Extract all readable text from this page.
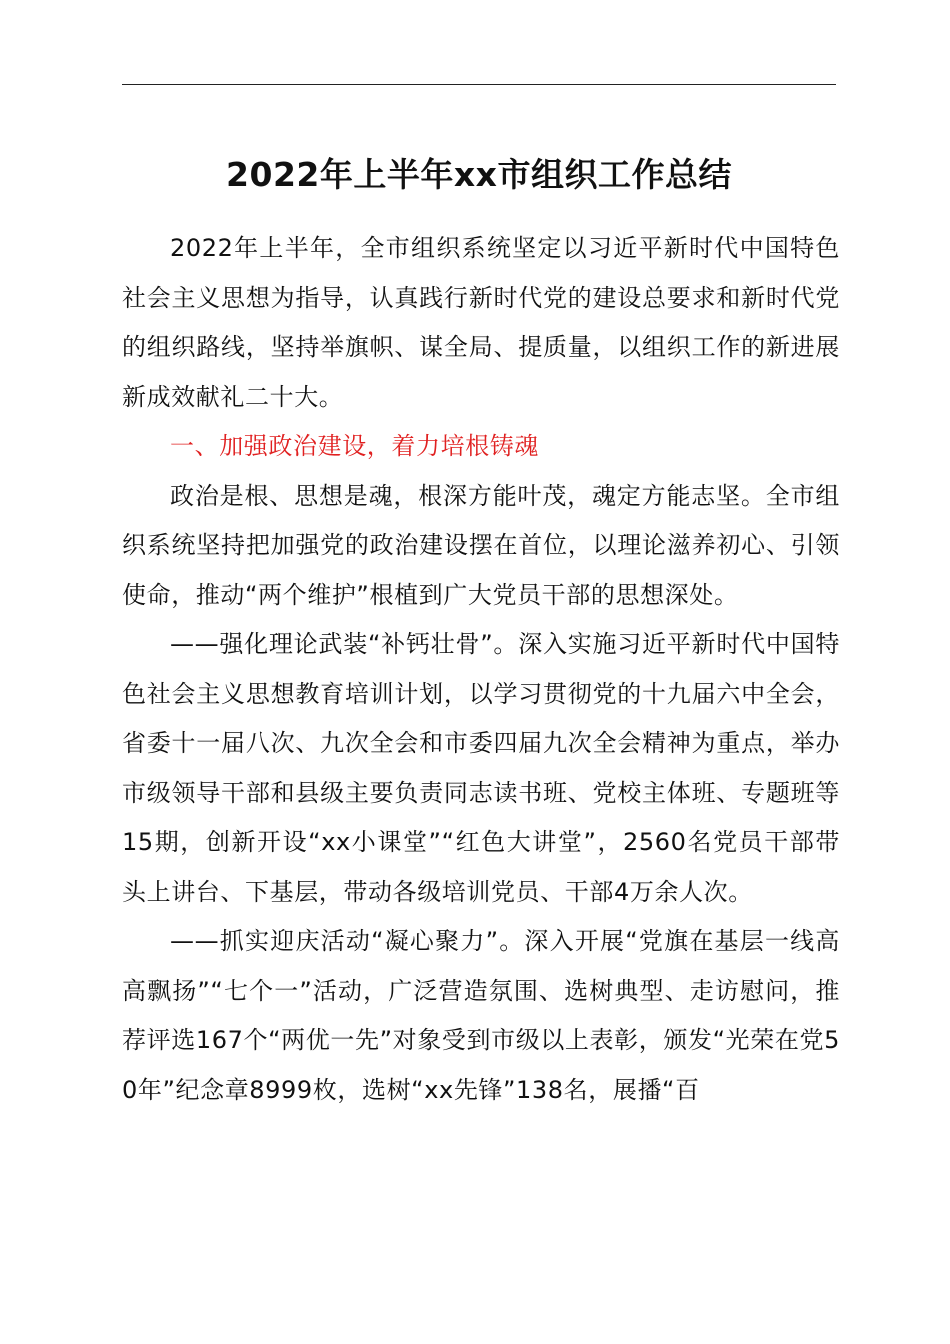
2022年上半年xx市组织工作总结

2022年上半年，全市组织系统坚定以习近平新时代中国特色社会主义思想为指导，认真践行新时代党的建设总要求和新时代党的组织路线，坚持举旗帜、谋全局、提质量，以组织工作的新进展新成效献礼二十大。

一、加强政治建设，着力培根铸魂

政治是根、思想是魂，根深方能叶茂，魂定方能志坚。全市组织系统坚持把加强党的政治建设摆在首位，以理论滋养初心、引领使命，推动“两个维护”根植到广大党员干部的思想深处。

——强化理论武装“补钙壮骨”。深入实施习近平新时代中国特色社会主义思想教育培训计划，以学习贯彻党的十九届六中全会，省委十一届八次、九次全会和市委四届九次全会精神为重点，举办市级领导干部和县级主要负责同志读书班、党校主体班、专题班等15期，创新开设“xx小课堂”“红色大讲堂”，2560名党员干部带头上讲台、下基层，带动各级培训党员、干部4万余人次。

——抓实迎庆活动“凝心聚力”。深入开展“党旗在基层一线高高飘扬”“七个一”活动，广泛营造氛围、选树典型、走访慰问，推荐评选167个“两优一先”对象受到市级以上表彰，颁发“光荣在党50年”纪念章8999枚，选树“xx先锋”138名，展播“百
